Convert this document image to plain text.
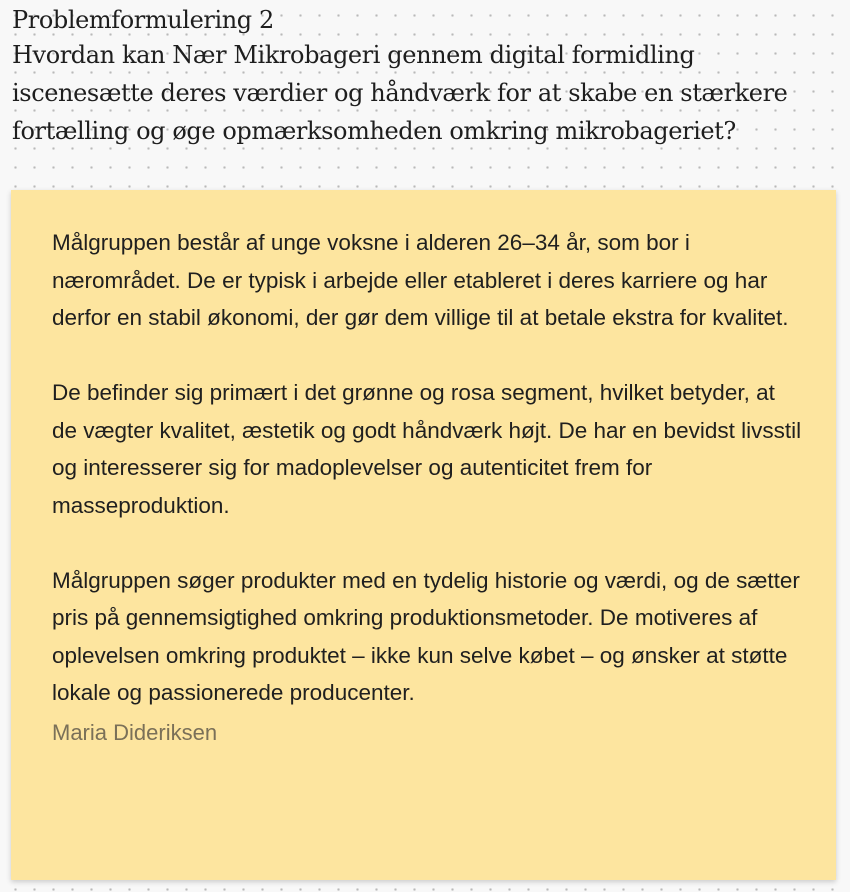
Problemformulering 2

Hvordan kan Nær Mikrobageri gennem digital formidling iscenesætte deres værdier og håndværk for at skabe en stærkere fortælling og øge opmærksomheden omkring mikrobageriet?

Målgruppen består af unge voksne i alderen 26–34 år, som bor i nærområdet. De er typisk i arbejde eller etableret i deres karriere og har derfor en stabil økonomi, der gør dem villige til at betale ekstra for kvalitet.

De befinder sig primært i det grønne og rosa segment, hvilket betyder, at de vægter kvalitet, æstetik og godt håndværk højt. De har en bevidst livsstil og interesserer sig for madoplevelser og autenticitet frem for masseproduktion.

Målgruppen søger produkter med en tydelig historie og værdi, og de sætter pris på gennemsigtighed omkring produktionsmetoder. De motiveres af oplevelsen omkring produktet – ikke kun selve købet – og ønsker at støtte lokale og passionerede producenter.

Maria Dideriksen
